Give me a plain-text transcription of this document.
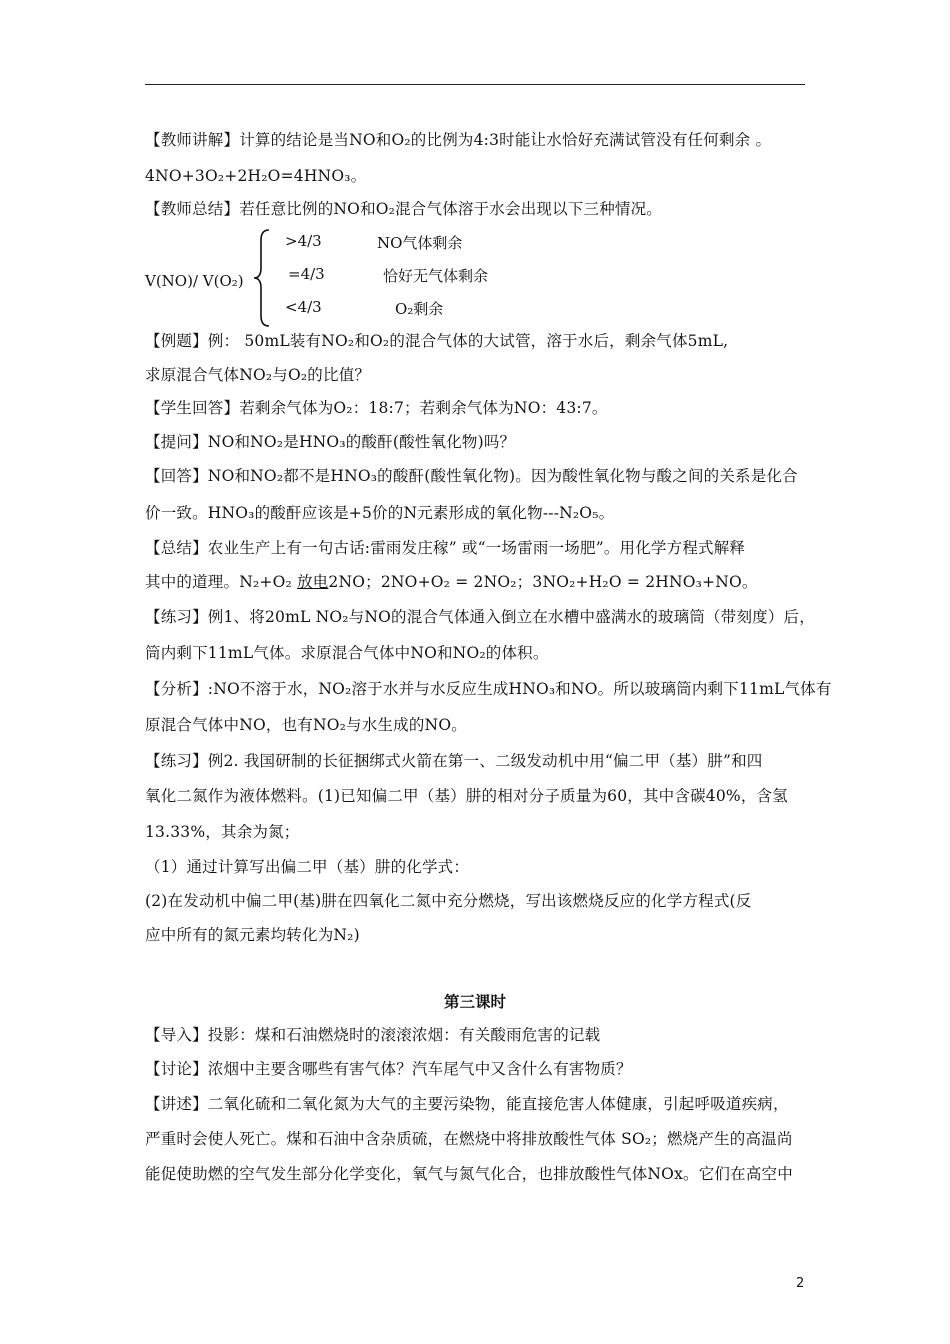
【教师讲解】计算的结论是当NO和O₂的比例为4:3时能让水恰好充满试管没有任何剩余 。
4NO+3O₂+2H₂O=4HNO₃。
【教师总结】若任意比例的NO和O₂混合气体溶于水会出现以下三种情况。
V(NO)/ V(O₂)
>4/3	NO气体剩余
=4/3	恰好无气体剩余
<4/3	O₂剩余
【例题】例： 50mL装有NO₂和O₂的混合气体的大试管，溶于水后，剩余气体5mL,
求原混合气体NO₂与O₂的比值？
【学生回答】若剩余气体为O₂：18:7；若剩余气体为NO：43:7。
【提问】NO和NO₂是HNO₃的酸酐(酸性氧化物)吗？
【回答】NO和NO₂都不是HNO₃的酸酐(酸性氧化物)。因为酸性氧化物与酸之间的关系是化合
价一致。HNO₃的酸酐应该是+5价的N元素形成的氧化物---N₂O₅。
【总结】农业生产上有一句古话:雷雨发庄稼” 或“一场雷雨一场肥”。用化学方程式解释
其中的道理。N₂+O₂ 放电2NO；2NO+O₂ = 2NO₂；3NO₂+H₂O = 2HNO₃+NO。
【练习】例1、将20mL NO₂与NO的混合气体通入倒立在水槽中盛满水的玻璃筒（带刻度）后，
筒内剩下11mL气体。求原混合气体中NO和NO₂的体积。
【分析】:NO不溶于水，NO₂溶于水并与水反应生成HNO₃和NO。所以玻璃筒内剩下11mL气体有
原混合气体中NO，也有NO₂与水生成的NO。
【练习】例2. 我国研制的长征捆绑式火箭在第一、二级发动机中用“偏二甲（基）肼”和四
氧化二氮作为液体燃料。(1)已知偏二甲（基）肼的相对分子质量为60，其中含碳40%，含氢
13.33%，其余为氮；
（1）通过计算写出偏二甲（基）肼的化学式：
(2)在发动机中偏二甲(基)肼在四氧化二氮中充分燃烧，写出该燃烧反应的化学方程式(反
应中所有的氮元素均转化为N₂)
第三课时
【导入】投影：煤和石油燃烧时的滚滚浓烟：有关酸雨危害的记载
【讨论】浓烟中主要含哪些有害气体？汽车尾气中又含什么有害物质？
【讲述】二氧化硫和二氧化氮为大气的主要污染物，能直接危害人体健康，引起呼吸道疾病，
严重时会使人死亡。煤和石油中含杂质硫，在燃烧中将排放酸性气体 SO₂；燃烧产生的高温尚
能促使助燃的空气发生部分化学变化，氧气与氮气化合，也排放酸性气体NOx。它们在高空中
2
